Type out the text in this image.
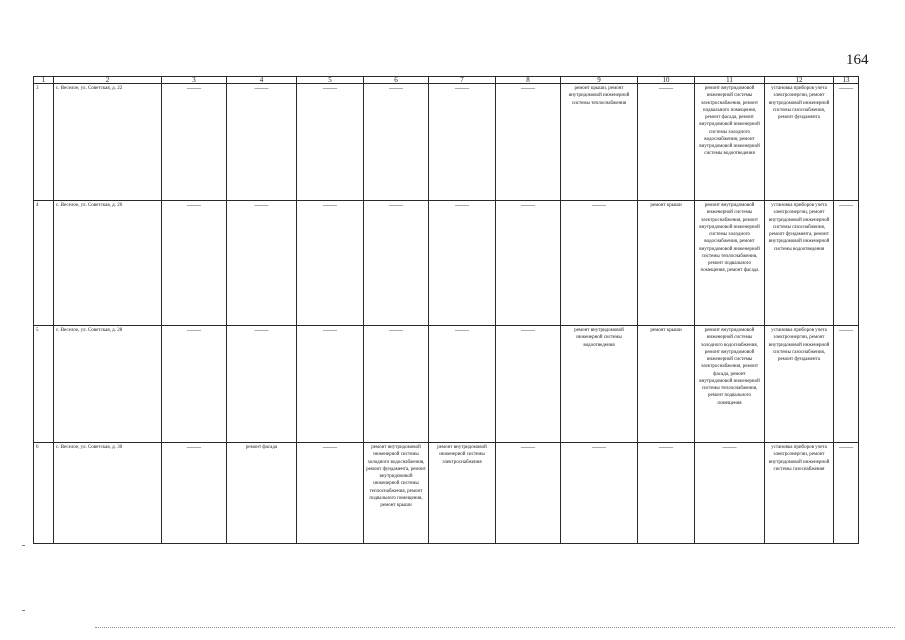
164
1	2	3	4	5	6	7	8	9	10	11	12	13
3	с. Веселое, ул. Советская, д. 22	——	——	——	——	——	——	ремонт крыши, ремонт внутридомовой инженерной системы теплоснабжения	——	ремонт внутридомовой инженерной системы электроснабжения, ремонт подвального помещения, ремонт фасада, ремонт внутридомовой инженерной системы холодного водоснабжения, ремонт внутридомовой инженерной системы водоотведения	установка приборов учета электроэнергии, ремонт внутридомовой инженерной системы газоснабжения, ремонт фундамента	——

4	с. Веселое, ул. Советская, д. 26	——	——	——	——	——	——	——	ремонт крыши	ремонт внутридомовой инженерной системы электроснабжения, ремонт внутридомовой инженерной системы холодного водоснабжения, ремонт внутридомовой инженерной системы теплоснабжения, ремонт подвального помещения, ремонт фасада	установка приборов учета электроэнергии, ремонт внутридомовой инженерной системы газоснабжения, ремонт фундамента, ремонт внутридомовой инженерной системы водоотведения	——

5	с. Веселое, ул. Советская, д. 28	——	——	——	——	——	——	ремонт внутридомовой инженерной системы водоотведения	ремонт крыши	ремонт внутридомовой инженерной системы холодного водоснабжения, ремонт внутридомовой инженерной системы электроснабжения, ремонт фасада, ремонт внутридомовой инженерной системы теплоснабжения, ремонт подвального помещения	установка приборов учета электроэнергии, ремонт внутридомовой инженерной системы газоснабжения, ремонт фундамента	——

6	с. Веселое, ул. Советская, д. 30	——	ремонт фасада	——	ремонт внутридомовой инженерной системы холодного водоснабжения, ремонт фундамента, ремонт внутридомовой инженерной системы теплоснабжения, ремонт подвального помещения, ремонт крыши	ремонт внутридомовой инженерной системы электроснабжения	——	——	——	——	установка приборов учета электроэнергии, ремонт внутридомовой инженерной системы газоснабжения	——
